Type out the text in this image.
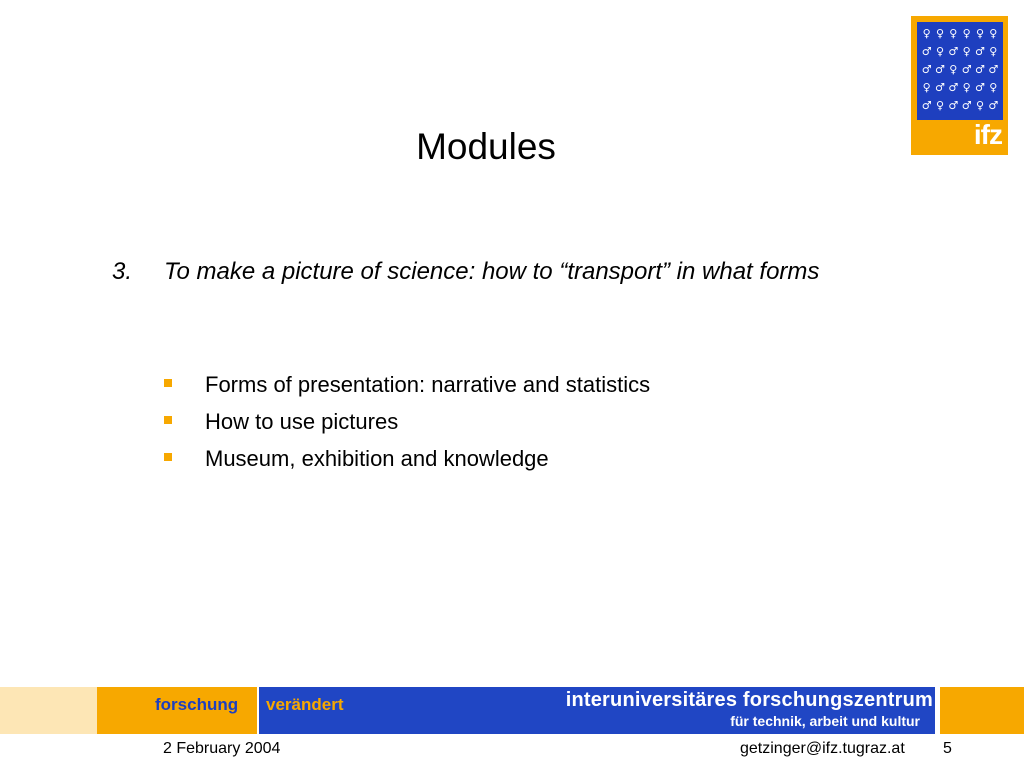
♀ ♀ ♀ ♀ ♀ ♀
♂ ♀ ♂ ♀ ♂ ♀
♂ ♂ ♀ ♂ ♂ ♂
♀ ♂ ♂ ♀ ♂ ♀
♂ ♀ ♂ ♂ ♀ ♂
ifz
Modules
3. To make a picture of science: how to “transport” in what forms
Forms of presentation: narrative and statistics
How to use pictures
Museum, exhibition and knowledge
forschung verändert	interuniversitäres forschungszentrum
für technik, arbeit und kultur
2 February 2004	getzinger@ifz.tugraz.at 5
